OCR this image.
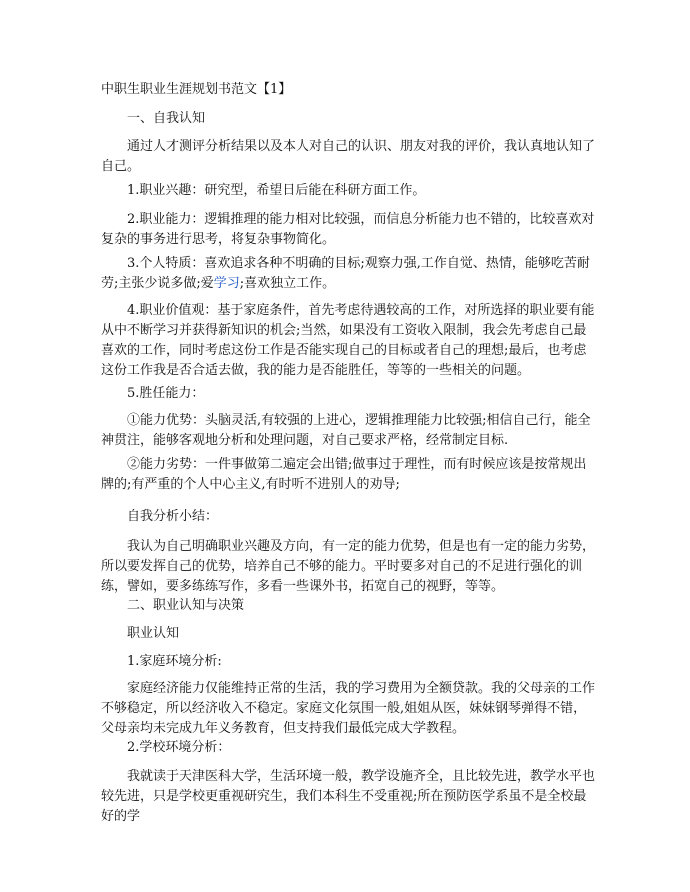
中职生职业生涯规划书范文【1】

一、自我认知

通过人才测评分析结果以及本人对自己的认识、朋友对我的评价，我认真地认知了自己。

1.职业兴趣：研究型，希望日后能在科研方面工作。

2.职业能力：逻辑推理的能力相对比较强，而信息分析能力也不错的，比较喜欢对复杂的事务进行思考，将复杂事物简化。

3.个人特质：喜欢追求各种不明确的目标;观察力强,工作自觉、热情，能够吃苦耐劳;主张少说多做;爱学习;喜欢独立工作。

4.职业价值观：基于家庭条件，首先考虑待遇较高的工作，对所选择的职业要有能从中不断学习并获得新知识的机会;当然，如果没有工资收入限制，我会先考虑自己最喜欢的工作，同时考虑这份工作是否能实现自己的目标或者自己的理想;最后，也考虑这份工作我是否合适去做，我的能力是否能胜任，等等的一些相关的问题。

5.胜任能力：

①能力优势：头脑灵活,有较强的上进心，逻辑推理能力比较强;相信自己行，能全神贯注，能够客观地分析和处理问题，对自己要求严格，经常制定目标.

②能力劣势：一件事做第二遍定会出错;做事过于理性，而有时候应该是按常规出牌的;有严重的个人中心主义,有时听不进别人的劝导;

自我分析小结：

我认为自己明确职业兴趣及方向，有一定的能力优势，但是也有一定的能力劣势，所以要发挥自己的优势，培养自己不够的能力。平时要多对自己的不足进行强化的训练，譬如，要多练练写作，多看一些课外书，拓宽自己的视野，等等。

二、职业认知与决策

职业认知

1.家庭环境分析:

家庭经济能力仅能维持正常的生活，我的学习费用为全额贷款。我的父母亲的工作不够稳定，所以经济收入不稳定。家庭文化氛围一般,姐姐从医，妹妹钢琴弹得不错，父母亲均未完成九年义务教育，但支持我们最低完成大学教程。

2.学校环境分析：

我就读于天津医科大学，生活环境一般，教学设施齐全，且比较先进，教学水平也较先进，只是学校更重视研究生，我们本科生不受重视;所在预防医学系虽不是全校最好的学
